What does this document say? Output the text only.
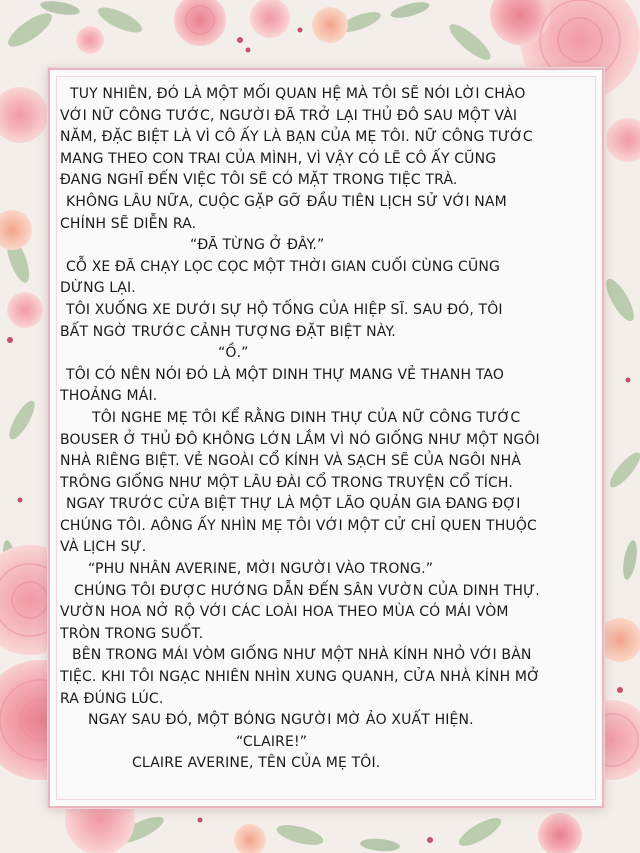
TUY NHIÊN, ĐÓ LÀ MỘT MỐI QUAN HỆ MÀ TÔI SẼ NÓI LỜI CHÀO
VỚI NỮ CÔNG TƯỚC, NGƯỜI ĐÃ TRỞ LẠI THỦ ĐÔ SAU MỘT VÀI
NĂM, ĐẶC BIỆT LÀ VÌ CÔ ẤY LÀ BẠN CỦA MẸ TÔI. NỮ CÔNG TƯỚC
MANG THEO CON TRAI CỦA MÌNH, VÌ VẬY CÓ LẼ CÔ ẤY CŨNG
ĐANG NGHĨ ĐẾN VIỆC TÔI SẼ CÓ MẶT TRONG TIỆC TRÀ.
KHÔNG LÂU NỮA, CUỘC GẶP GỠ ĐẦU TIÊN LỊCH SỬ VỚI NAM
CHÍNH SẼ DIỄN RA.
“ĐÃ TỪNG Ở ĐÂY.”
CỖ XE ĐÃ CHẠY LỌC CỌC MỘT THỜI GIAN CUỐI CÙNG CŨNG
DỪNG LẠI.
TÔI XUỐNG XE DƯỚI SỰ HỘ TỐNG CỦA HIỆP SĨ. SAU ĐÓ, TÔI
BẤT NGỜ TRƯỚC CẢNH TƯỢNG ĐẶT BIỆT NÀY.
“Ồ.”
TÔI CÓ NÊN NÓI ĐÓ LÀ MỘT DINH THỰ MANG VẺ THANH TAO
THOẢNG MÁI.
TÔI NGHE MẸ TÔI KỂ RẰNG DINH THỰ CỦA NỮ CÔNG TƯỚC
BOUSER Ở THỦ ĐÔ KHÔNG LỚN LẮM VÌ NÓ GIỐNG NHƯ MỘT NGÔI
NHÀ RIÊNG BIỆT. VẺ NGOÀI CỔ KÍNH VÀ SẠCH SẼ CỦA NGÔI NHÀ
TRÔNG GIỐNG NHƯ MỘT LÂU ĐÀI CỔ TRONG TRUYỆN CỔ TÍCH.
NGAY TRƯỚC CỬA BIỆT THỰ LÀ MỘT LÃO QUẢN GIA ĐANG ĐỢI
CHÚNG TÔI. AÔNG ẤY NHÌN MẸ TÔI VỚI MỘT CỬ CHỈ QUEN THUỘC
VÀ LỊCH SỰ.
“PHU NHÂN AVERINE, MỜI NGƯỜI VÀO TRONG.”
CHÚNG TÔI ĐƯỢC HƯỚNG DẪN ĐẾN SÂN VƯỜN CỦA DINH THỰ.
VƯỜN HOA NỞ RỘ VỚI CÁC LOÀI HOA THEO MÙA CÓ MÁI VÒM
TRÒN TRONG SUỐT.
BÊN TRONG MÁI VÒM GIỐNG NHƯ MỘT NHÀ KÍNH NHỎ VỚI BÀN
TIỆC. KHI TÔI NGẠC NHIÊN NHÌN XUNG QUANH, CỬA NHÀ KÍNH MỞ
RA ĐÚNG LÚC.
NGAY SAU ĐÓ, MỘT BÓNG NGƯỜI MỜ ẢO XUẤT HIỆN.
“CLAIRE!”
CLAIRE AVERINE, TÊN CỦA MẸ TÔI.
